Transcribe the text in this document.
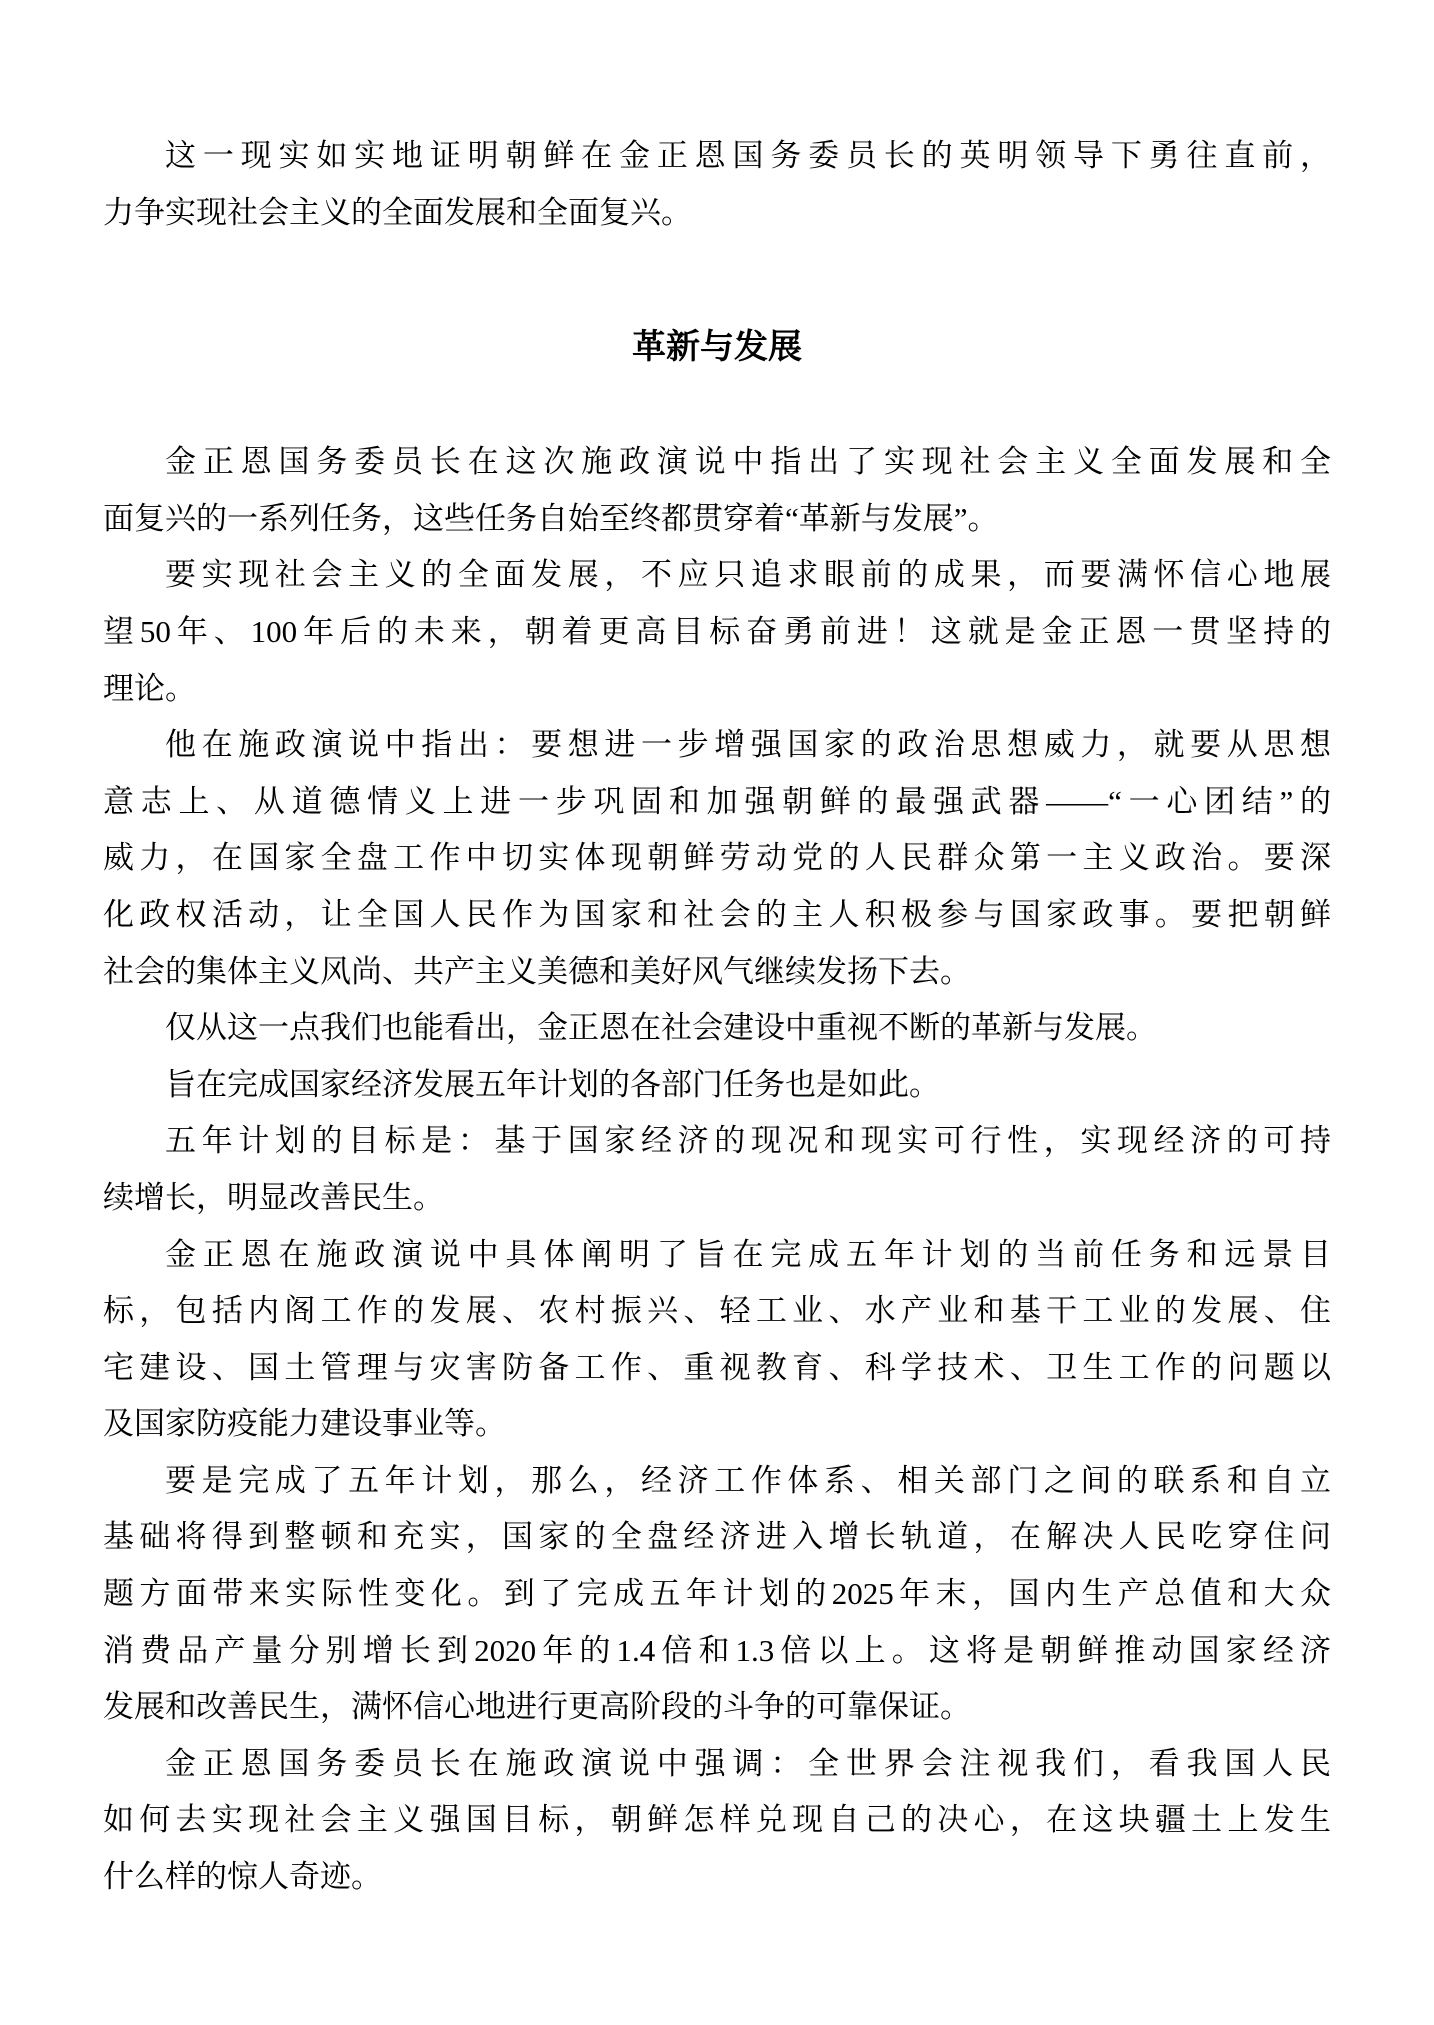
这一现实如实地证明朝鲜在金正恩国务委员长的英明领导下勇往直前，
力争实现社会主义的全面发展和全面复兴。
革新与发展
金正恩国务委员长在这次施政演说中指出了实现社会主义全面发展和全
面复兴的一系列任务，这些任务自始至终都贯穿着“革新与发展”。
要实现社会主义的全面发展，不应只追求眼前的成果，而要满怀信心地展
望50年、100年后的未来，朝着更高目标奋勇前进！这就是金正恩一贯坚持的
理论。
他在施政演说中指出：要想进一步增强国家的政治思想威力，就要从思想
意志上、从道德情义上进一步巩固和加强朝鲜的最强武器——“一心团结”的
威力，在国家全盘工作中切实体现朝鲜劳动党的人民群众第一主义政治。要深
化政权活动，让全国人民作为国家和社会的主人积极参与国家政事。要把朝鲜
社会的集体主义风尚、共产主义美德和美好风气继续发扬下去。
仅从这一点我们也能看出，金正恩在社会建设中重视不断的革新与发展。
旨在完成国家经济发展五年计划的各部门任务也是如此。
五年计划的目标是：基于国家经济的现况和现实可行性，实现经济的可持
续增长，明显改善民生。
金正恩在施政演说中具体阐明了旨在完成五年计划的当前任务和远景目
标，包括内阁工作的发展、农村振兴、轻工业、水产业和基干工业的发展、住
宅建设、国土管理与灾害防备工作、重视教育、科学技术、卫生工作的问题以
及国家防疫能力建设事业等。
要是完成了五年计划，那么，经济工作体系、相关部门之间的联系和自立
基础将得到整顿和充实，国家的全盘经济进入增长轨道，在解决人民吃穿住问
题方面带来实际性变化。到了完成五年计划的2025年末，国内生产总值和大众
消费品产量分别增长到2020年的1.4倍和1.3倍以上。这将是朝鲜推动国家经济
发展和改善民生，满怀信心地进行更高阶段的斗争的可靠保证。
金正恩国务委员长在施政演说中强调：全世界会注视我们，看我国人民
如何去实现社会主义强国目标，朝鲜怎样兑现自己的决心，在这块疆土上发生
什么样的惊人奇迹。
